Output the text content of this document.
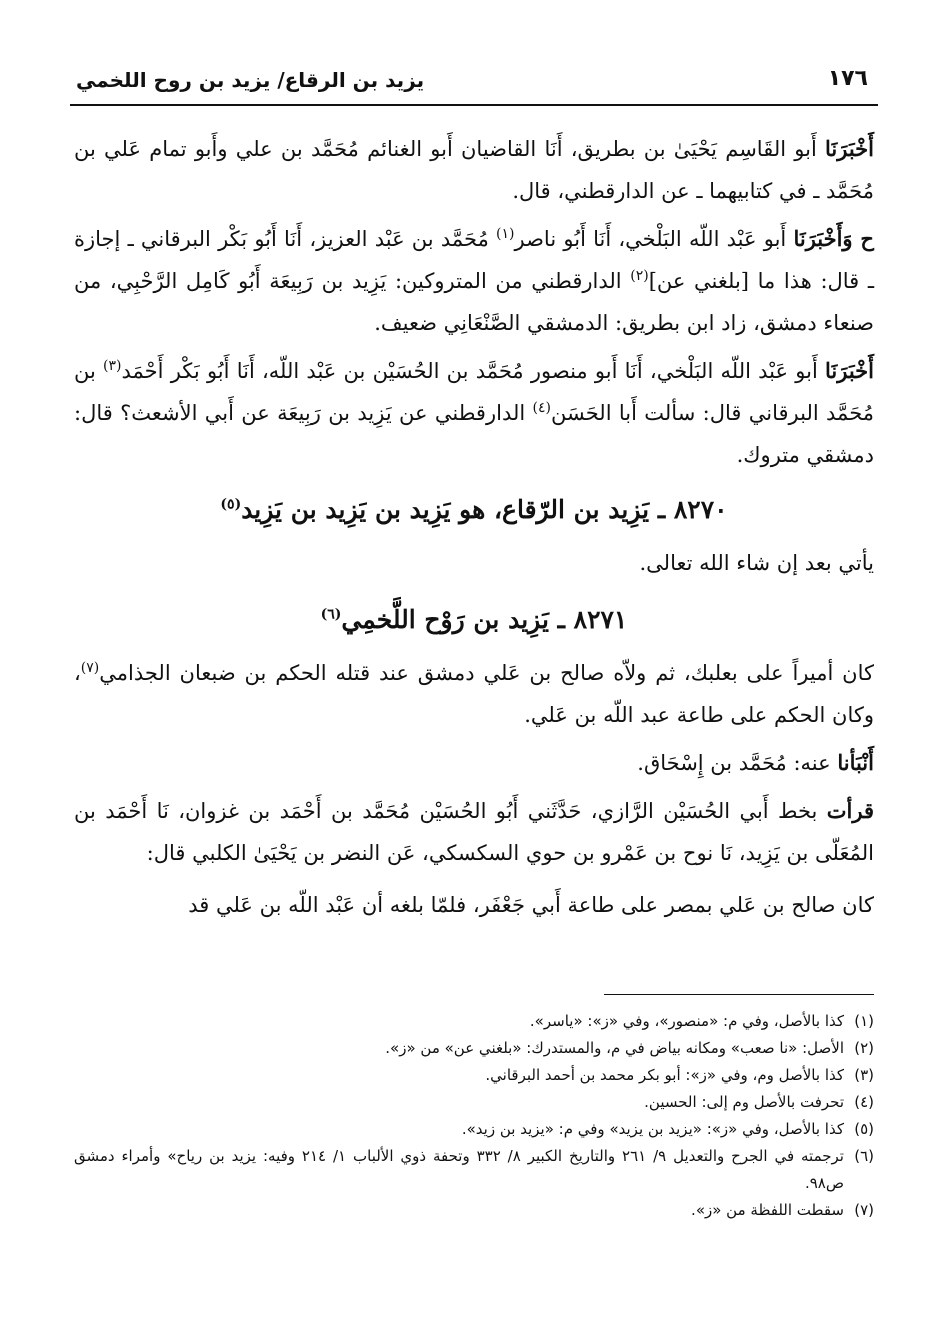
١٧٦
يزيد بن الرقاع/ يزيد بن روح اللخمي

أَخْبَرَنَا أَبو القَاسِم يَحْيَىٰ بن بطريق، أَنَا القاضيان أَبو الغنائم مُحَمَّد بن علي وأَبو تمام عَلي بن مُحَمَّد ـ في كتابيهما ـ عن الدارقطني، قال.

ح وَأَخْبَرَنَا أَبو عَبْد اللّه البَلْخي، أَنَا أَبُو ناصر$^{(١)}$ مُحَمَّد بن عَبْد العزيز، أَنَا أَبُو بَكْر البرقاني ـ إجازة ـ قال: هذا ما [بلغني عن]$^{(٢)}$ الدارقطني من المتروكين: يَزِيد بن رَبِيعَة أَبُو كَامِل الرَّحْبِي، من صنعاء دمشق، زاد ابن بطريق: الدمشقي الصَّنْعَانِي ضعيف.

أَخْبَرَنَا أَبو عَبْد اللّه البَلْخي، أَنَا أَبو منصور مُحَمَّد بن الحُسَيْن بن عَبْد اللّه، أَنَا أَبُو بَكْر أَحْمَد$^{(٣)}$ بن مُحَمَّد البرقاني قال: سألت أَبا الحَسَن$^{(٤)}$ الدارقطني عن يَزِيد بن رَبِيعَة عن أَبي الأشعث؟ قال: دمشقي متروك.

٨٢٧٠ ـ يَزِيد بن الرّقاع، هو يَزِيد بن يَزِيد بن يَزِيد$^{(٥)}$

يأتي بعد إن شاء الله تعالى.

٨٢٧١ ـ يَزِيد بن رَوْح اللَّخمِي$^{(٦)}$

كان أميراً على بعلبك، ثم ولاّه صالح بن عَلي دمشق عند قتله الحكم بن ضبعان الجذامي$^{(٧)}$، وكان الحكم على طاعة عبد اللّه بن عَلي.

أَنْبَأنا عنه: مُحَمَّد بن إِسْحَاق.

قرأت بخط أَبي الحُسَيْن الرَّازي، حَدَّثَني أَبُو الحُسَيْن مُحَمَّد بن أَحْمَد بن غزوان، نَا أَحْمَد بن المُعَلّى بن يَزِيد، نَا نوح بن عَمْرو بن حوي السكسكي، عَن النضر بن يَحْيَىٰ الكلبي قال:

كان صالح بن عَلي بمصر على طاعة أَبي جَعْفَر، فلمّا بلغه أن عَبْد اللّه بن عَلي قد

(١)
كذا بالأصل، وفي م: «منصور»، وفي «ز»: «ياسر».
(٢)
الأصل: «نا صعب» ومكانه بياض في م، والمستدرك: «بلغني عن» من «ز».
(٣)
كذا بالأصل وم، وفي «ز»: أبو بكر محمد بن أحمد البرقاني.
(٤)
تحرفت بالأصل وم إلى: الحسين.
(٥)
كذا بالأصل، وفي «ز»: «يزيد بن يزيد» وفي م: «يزيد بن زيد».
(٦)
ترجمته في الجرح والتعديل ٩/ ٢٦١ والتاريخ الكبير ٨/ ٣٣٢ وتحفة ذوي الألباب ١/ ٢١٤ وفيه: يزيد بن رياح» وأمراء دمشق ص٩٨.
(٧)
سقطت اللفظة من «ز».
